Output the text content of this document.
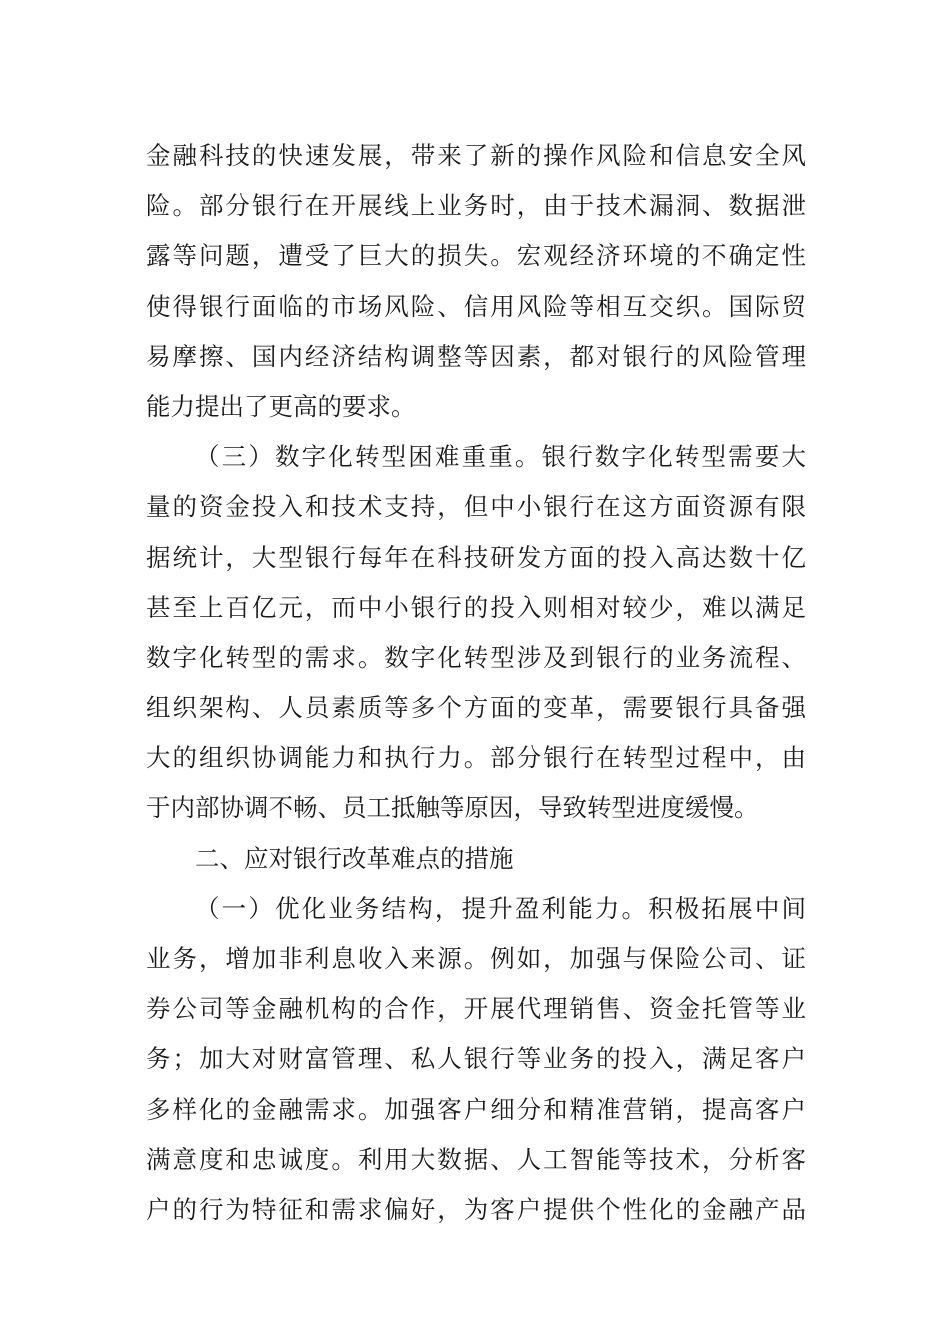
金融科技的快速发展，带来了新的操作风险和信息安全风
险。部分银行在开展线上业务时，由于技术漏洞、数据泄
露等问题，遭受了巨大的损失。宏观经济环境的不确定性
使得银行面临的市场风险、信用风险等相互交织。国际贸
易摩擦、国内经济结构调整等因素，都对银行的风险管理
能力提出了更高的要求。
（三）数字化转型困难重重。银行数字化转型需要大
量的资金投入和技术支持，但中小银行在这方面资源有限
据统计，大型银行每年在科技研发方面的投入高达数十亿
甚至上百亿元，而中小银行的投入则相对较少，难以满足
数字化转型的需求。数字化转型涉及到银行的业务流程、
组织架构、人员素质等多个方面的变革，需要银行具备强
大的组织协调能力和执行力。部分银行在转型过程中，由
于内部协调不畅、员工抵触等原因，导致转型进度缓慢。
二、应对银行改革难点的措施
（一）优化业务结构，提升盈利能力。积极拓展中间
业务，增加非利息收入来源。例如，加强与保险公司、证
券公司等金融机构的合作，开展代理销售、资金托管等业
务；加大对财富管理、私人银行等业务的投入，满足客户
多样化的金融需求。加强客户细分和精准营销，提高客户
满意度和忠诚度。利用大数据、人工智能等技术，分析客
户的行为特征和需求偏好，为客户提供个性化的金融产品
